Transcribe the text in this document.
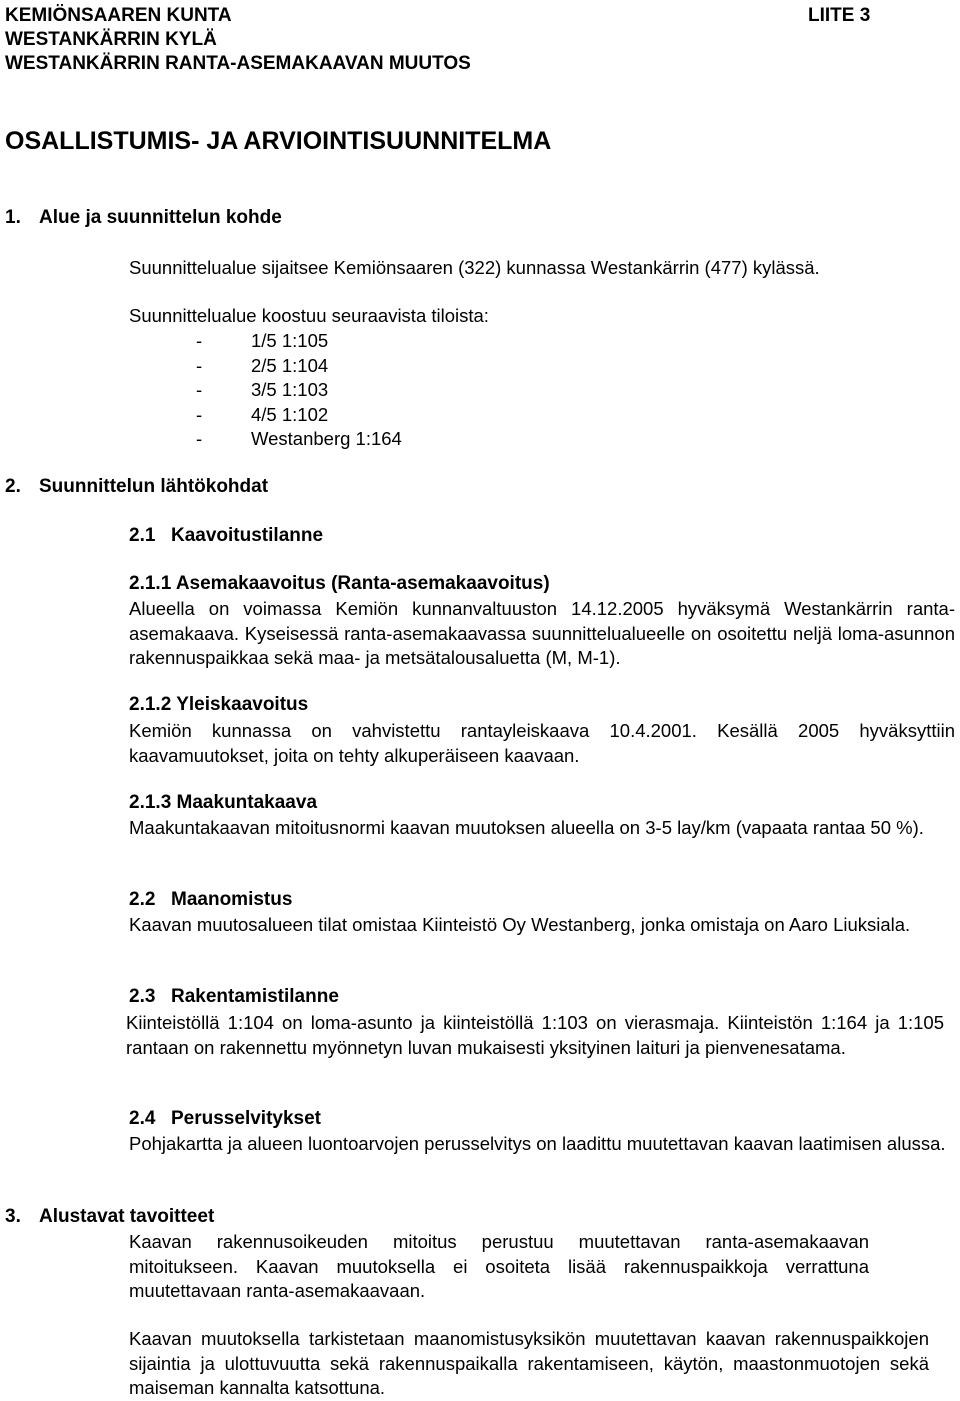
KEMIÖNSAAREN KUNTA
WESTANKÄRRIN KYLÄ
WESTANKÄRRIN RANTA-ASEMAKAAVAN MUUTOS
LIITE 3
OSALLISTUMIS- JA ARVIOINTISUUNNITELMA
1. Alue ja suunnittelun kohde
Suunnittelualue sijaitsee Kemiönsaaren (322) kunnassa Westankärrin (477) kylässä.
Suunnittelualue koostuu seuraavista tiloista:
-	1/5 1:105
-	2/5 1:104
-	3/5 1:103
-	4/5 1:102
-	Westanberg 1:164
2. Suunnittelun lähtökohdat
2.1 Kaavoitustilanne
2.1.1 Asemakaavoitus (Ranta-asemakaavoitus)
Alueella on voimassa Kemiön kunnanvaltuuston 14.12.2005 hyväksymä Westankärrin ranta-asemakaava. Kyseisessä ranta-asemakaavassa suunnittelualueelle on osoitettu neljä loma-asunnon rakennuspaikkaa sekä maa- ja metsätalousaluetta (M, M-1).
2.1.2 Yleiskaavoitus
Kemiön kunnassa on vahvistettu rantayleiskaava 10.4.2001. Kesällä 2005 hyväksyttiin kaavamuutokset, joita on tehty alkuperäiseen kaavaan.
2.1.3 Maakuntakaava
Maakuntakaavan mitoitusnormi kaavan muutoksen alueella on 3-5 lay/km (vapaata rantaa 50 %).
2.2 Maanomistus
Kaavan muutosalueen tilat omistaa Kiinteistö Oy Westanberg, jonka omistaja on Aaro Liuksiala.
2.3 Rakentamistilanne
Kiinteistöllä 1:104 on loma-asunto ja kiinteistöllä 1:103 on vierasmaja. Kiinteistön 1:164 ja 1:105 rantaan on rakennettu myönnetyn luvan mukaisesti yksityinen laituri ja pienvenesatama.
2.4 Perusselvitykset
Pohjakartta ja alueen luontoarvojen perusselvitys on laadittu muutettavan kaavan laatimisen alussa.
3. Alustavat tavoitteet
Kaavan rakennusoikeuden mitoitus perustuu muutettavan ranta-asemakaavan mitoitukseen. Kaavan muutoksella ei osoiteta lisää rakennuspaikkoja verrattuna muutettavaan ranta-asemakaavaan.
Kaavan muutoksella tarkistetaan maanomistusyksikön muutettavan kaavan rakennuspaikkojen sijaintia ja ulottuvuutta sekä rakennuspaikalla rakentamiseen, käytön, maastonmuotojen sekä maiseman kannalta katsottuna.
